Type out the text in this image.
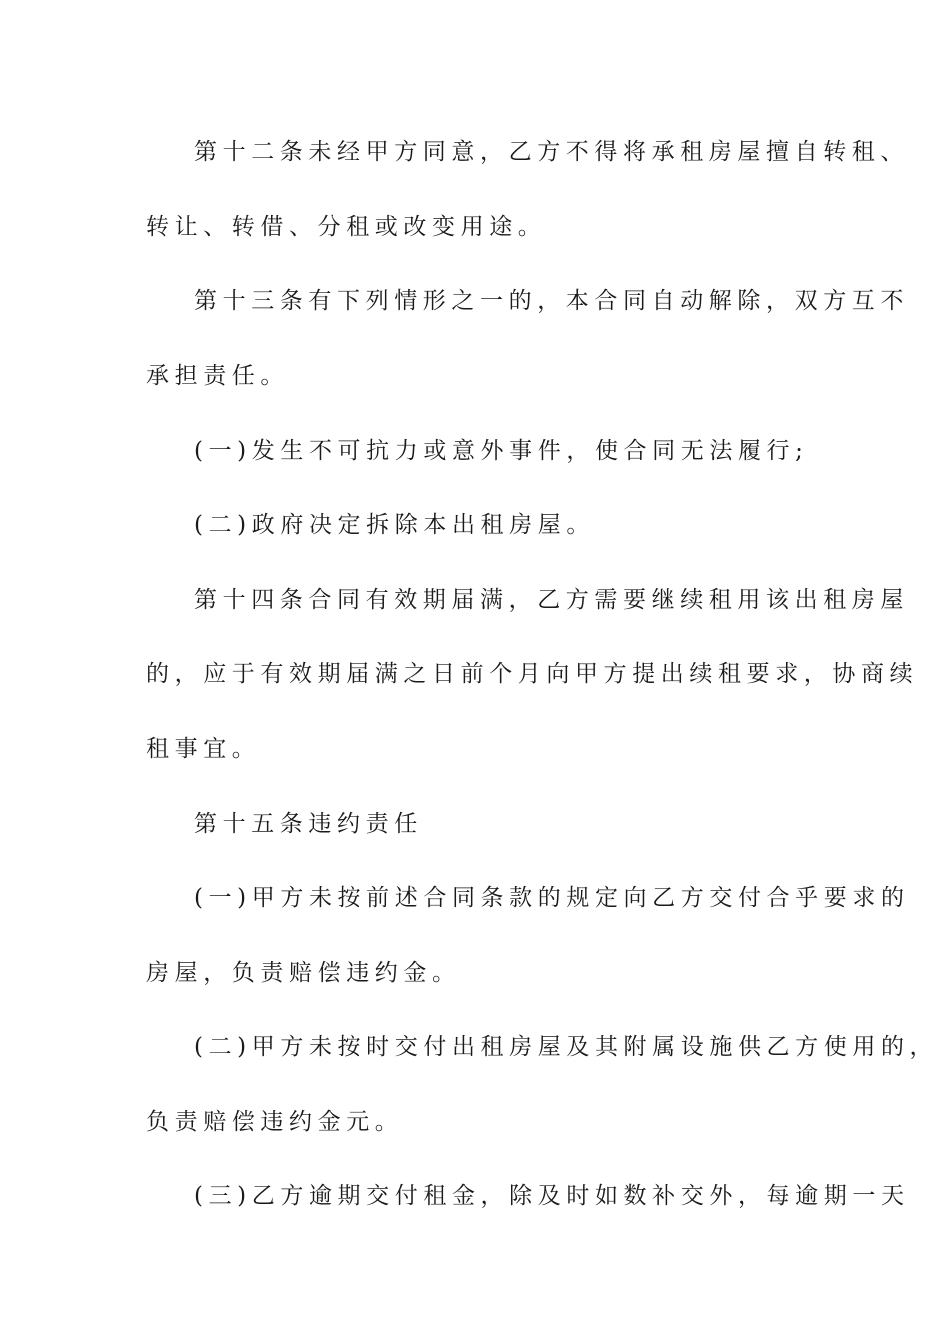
第十二条未经甲方同意，乙方不得将承租房屋擅自转租、
转让、转借、分租或改变用途。
第十三条有下列情形之一的，本合同自动解除，双方互不
承担责任。
(一)发生不可抗力或意外事件，使合同无法履行;
(二)政府决定拆除本出租房屋。
第十四条合同有效期届满，乙方需要继续租用该出租房屋
的，应于有效期届满之日前个月向甲方提出续租要求，协商续
租事宜。
第十五条违约责任
(一)甲方未按前述合同条款的规定向乙方交付合乎要求的
房屋，负责赔偿违约金。
(二)甲方未按时交付出租房屋及其附属设施供乙方使用的，
负责赔偿违约金元。
(三)乙方逾期交付租金，除及时如数补交外，每逾期一天
